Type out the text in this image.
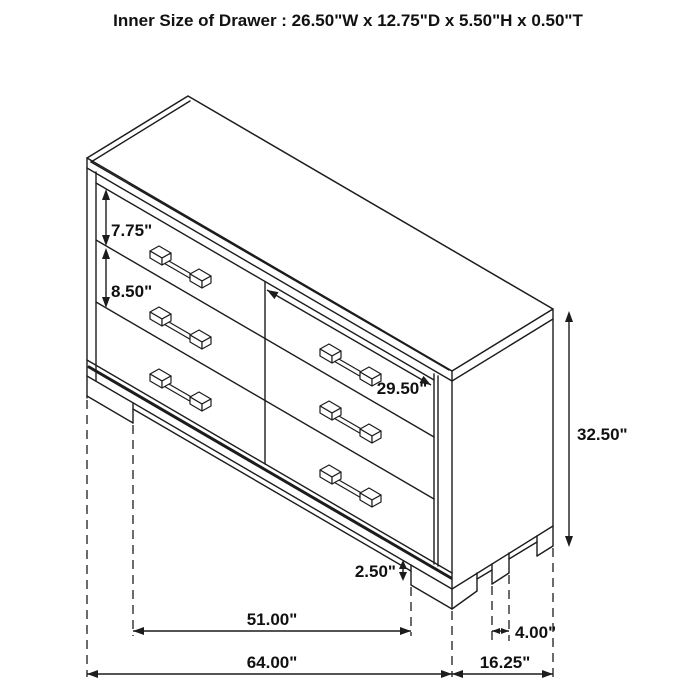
Inner Size of Drawer : 26.50"W x 12.75"D x 5.50"H x 0.50"T
7.75"
8.50"
29.50"
32.50"
2.50"
51.00"
4.00"
64.00"	16.25"
